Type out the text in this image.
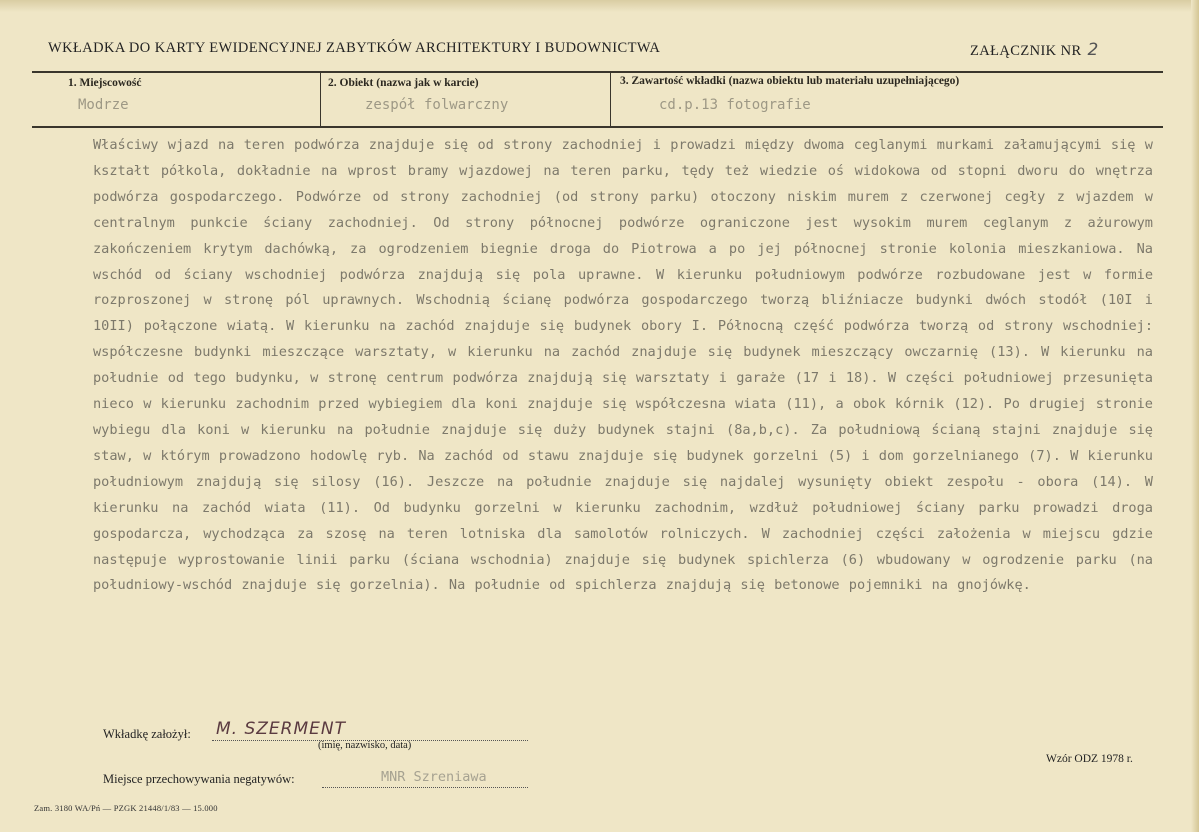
WKŁADKA DO KARTY EWIDENCYJNEJ ZABYTKÓW ARCHITEKTURY I BUDOWNICTWA	ZAŁĄCZNIK NR 2
1. Miejscowość
Modrze
2. Obiekt (nazwa jak w karcie)
zespół folwarczny
3. Zawartość wkładki (nazwa obiektu lub materiału uzupełniającego)
cd.p.13 fotografie
Właściwy wjazd na teren podwórza znajduje się od strony zachodniej i prowadzi między dwoma ceglanymi murkami załamującymi się w kształt półkola, dokładnie na wprost bramy wjazdowej na teren parku, tędy też wiedzie oś widokowa od stopni dworu do wnętrza podwórza gospodarczego. Podwórze od strony zachodniej (od strony parku) otoczony niskim murem z czerwonej cegły z wjazdem w centralnym punkcie ściany zachodniej. Od strony północnej podwórze ograniczone jest wysokim murem ceglanym z ażurowym zakończeniem krytym dachówką, za ogrodzeniem biegnie droga do Piotrowa a po jej północnej stronie kolonia mieszkaniowa. Na wschód od ściany wschodniej podwórza znajdują się pola uprawne. W kierunku południowym podwórze rozbudowane jest w formie rozproszonej w stronę pól uprawnych. Wschodnią ścianę podwórza gospodarczego tworzą bliźniacze budynki dwóch stodół (10I i 10II) połączone wiatą. W kierunku na zachód znajduje się budynek obory I. Północną część podwórza tworzą od strony wschodniej: współczesne budynki mieszczące warsztaty, w kierunku na zachód znajduje się budynek mieszczący owczarnię (13). W kierunku na południe od tego budynku, w stronę centrum podwórza znajdują się warsztaty i garaże (17 i 18). W części południowej przesunięta nieco w kierunku zachodnim przed wybiegiem dla koni znajduje się współczesna wiata (11), a obok kórnik (12). Po drugiej stronie wybiegu dla koni w kierunku na południe znajduje się duży budynek stajni (8a,b,c). Za południową ścianą stajni znajduje się staw, w którym prowadzono hodowlę ryb. Na zachód od stawu znajduje się budynek gorzelni (5) i dom gorzelnianego (7). W kierunku południowym znajdują się silosy (16). Jeszcze na południe znajduje się najdalej wysunięty obiekt zespołu - obora (14). W kierunku na zachód wiata (11). Od budynku gorzelni w kierunku zachodnim, wzdłuż południowej ściany parku prowadzi droga gospodarcza, wychodząca za szosę na teren lotniska dla samolotów rolniczych. W zachodniej części założenia w miejscu gdzie następuje wyprostowanie linii parku (ściana wschodnia) znajduje się budynek spichlerza (6) wbudowany w ogrodzenie parku (na południowy-wschód znajduje się gorzelnia). Na południe od spichlerza znajdują się betonowe pojemniki na gnojówkę.
Wkładkę założył: M. SZERMENT
(imię, nazwisko, data)
Wzór ODZ 1978 r.
Miejsce przechowywania negatywów:	MNR Szreniawa
Zam. 3180 WA/Pń — PZGK 21448/1/83 — 15.000
